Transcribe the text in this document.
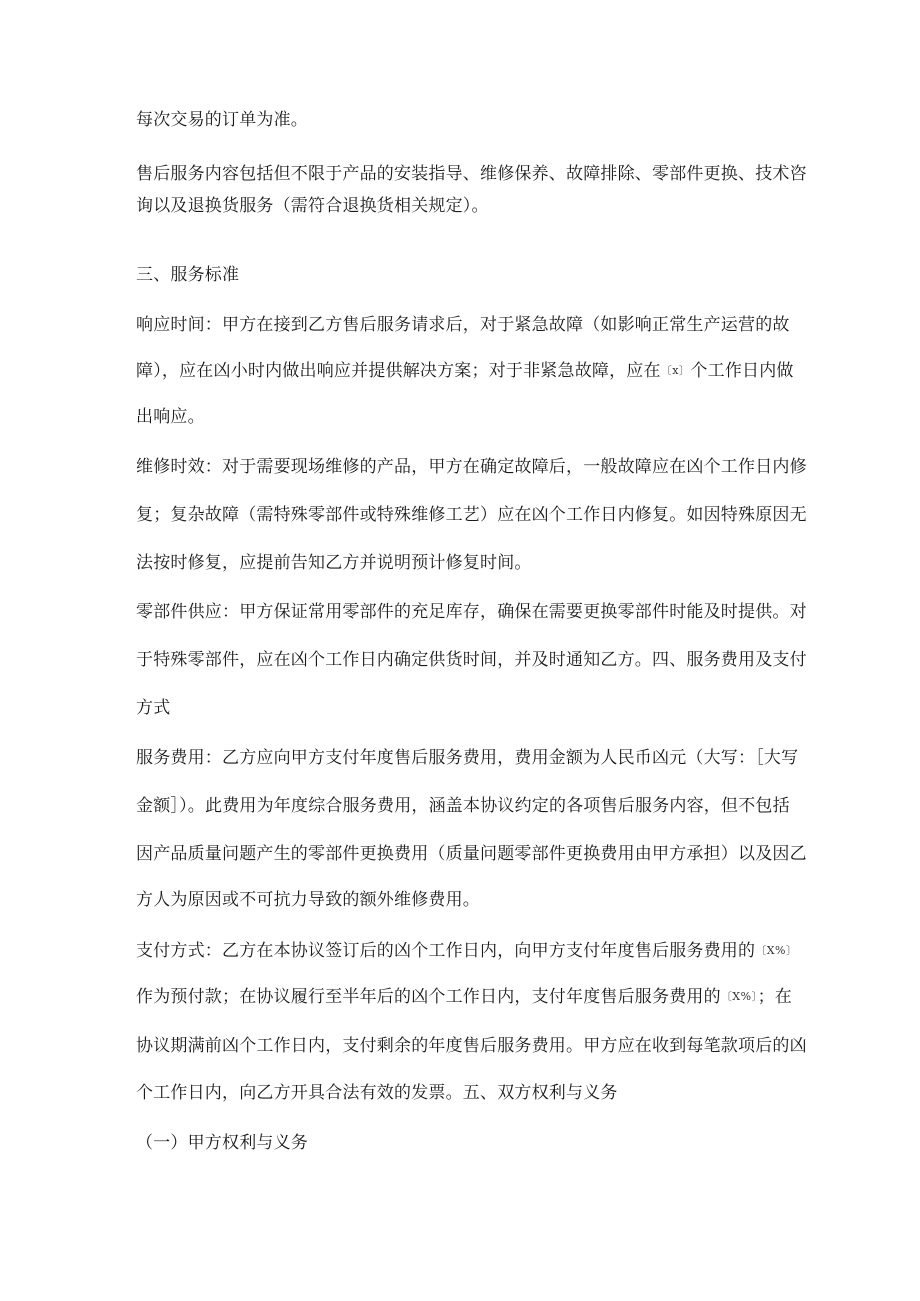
每次交易的订单为准。
售后服务内容包括但不限于产品的安装指导、维修保养、故障排除、零部件更换、技术咨
询以及退换货服务（需符合退换货相关规定）。
三、服务标准
响应时间：甲方在接到乙方售后服务请求后，对于紧急故障（如影响正常生产运营的故
障），应在凶小时内做出响应并提供解决方案；对于非紧急故障，应在〔x〕个工作日内做
出响应。
维修时效：对于需要现场维修的产品，甲方在确定故障后，一般故障应在凶个工作日内修
复；复杂故障（需特殊零部件或特殊维修工艺）应在凶个工作日内修复。如因特殊原因无
法按时修复，应提前告知乙方并说明预计修复时间。
零部件供应：甲方保证常用零部件的充足库存，确保在需要更换零部件时能及时提供。对
于特殊零部件，应在凶个工作日内确定供货时间，并及时通知乙方。四、服务费用及支付
方式
服务费用：乙方应向甲方支付年度售后服务费用，费用金额为人民币凶元（大写：［大写
金额］）。此费用为年度综合服务费用，涵盖本协议约定的各项售后服务内容，但不包括
因产品质量问题产生的零部件更换费用（质量问题零部件更换费用由甲方承担）以及因乙
方人为原因或不可抗力导致的额外维修费用。
支付方式：乙方在本协议签订后的凶个工作日内，向甲方支付年度售后服务费用的〔X%〕
作为预付款；在协议履行至半年后的凶个工作日内，支付年度售后服务费用的〔X%〕；在
协议期满前凶个工作日内，支付剩余的年度售后服务费用。甲方应在收到每笔款项后的凶
个工作日内，向乙方开具合法有效的发票。五、双方权利与义务
（一）甲方权利与义务
